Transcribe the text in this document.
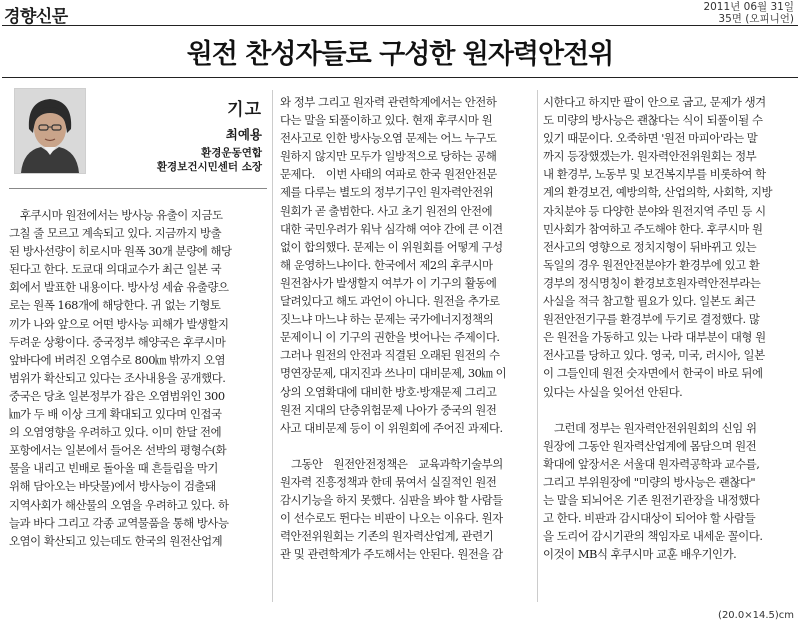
경향신문	2011년 06월 31일
35면 (오피니언)
원전 찬성자들로 구성한 원자력안전위
기고
최예용
환경운동연합
환경보건시민센터 소장
　후쿠시마 원전에서는 방사능 유출이 지금도
그칠 줄 모르고 계속되고 있다. 지금까지 방출
된 방사선량이 히로시마 원폭 30개 분량에 해당
된다고 한다. 도쿄대 의대교수가 최근 일본 국
회에서 발표한 내용이다. 방사성 세슘 유출량으
로는 원폭 168개에 해당한다. 귀 없는 기형토
끼가 나와 앞으로 어떤 방사능 피해가 발생할지
두려운 상황이다. 중국정부 해양국은 후쿠시마
앞바다에 버려진 오염수로 800㎞ 밖까지 오염
범위가 확산되고 있다는 조사내용을 공개했다.
중국은 당초 일본정부가 잡은 오염범위인 300
㎞가 두 배 이상 크게 확대되고 있다며 인접국
의 오염영향을 우려하고 있다. 이미 한달 전에
포항에서는 일본에서 들어온 선박의 평형수(화
물을 내리고 빈배로 돌아올 때 흔들림을 막기
위해 담아오는 바닷물)에서 방사능이 검출돼
지역사회가 해산물의 오염을 우려하고 있다. 하
늘과 바다 그리고 각종 교역물품을 통해 방사능
오염이 확산되고 있는데도 한국의 원전산업계
와 정부 그리고 원자력 관련학계에서는 안전하
다는 말을 되풀이하고 있다. 현재 후쿠시마 원
전사고로 인한 방사능오염 문제는 어느 누구도
원하지 않지만 모두가 일방적으로 당하는 공해
문제다.　이번 사태의 여파로 한국 원전안전문
제를 다루는 별도의 정부기구인 원자력안전위
원회가 곧 출범한다. 사고 초기 원전의 안전에
대한 국민우려가 워낙 심각해 여야 간에 큰 이견
없이 합의했다. 문제는 이 위원회를 어떻게 구성
해 운영하느냐이다. 한국에서 제2의 후쿠시마
원전참사가 발생할지 여부가 이 기구의 활동에
달려있다고 해도 과언이 아니다. 원전을 추가로
짓느냐 마느냐 하는 문제는 국가에너지정책의
문제이니 이 기구의 권한을 벗어나는 주제이다.
그러나 원전의 안전과 직결된 오래된 원전의 수
명연장문제, 대지진과 쓰나미 대비문제, 30㎞ 이
상의 오염확대에 대비한 방호·방재문제 그리고
원전 지대의 단층위험문제 나아가 중국의 원전
사고 대비문제 등이 이 위원회에 주어진 과제다.
　그동안　원전안전정책은　교육과학기술부의
원자력 진흥정책과 한데 묶여서 실질적인 원전
감시기능을 하지 못했다. 심판을 봐야 할 사람들
이 선수로도 뛴다는 비판이 나오는 이유다. 원자
력안전위원회는 기존의 원자력산업계, 관련기
관 및 관련학계가 주도해서는 안된다. 원전을 감
시한다고 하지만 팔이 안으로 굽고, 문제가 생겨
도 미량의 방사능은 괜찮다는 식이 되풀이될 수
있기 때문이다. 오죽하면 '원전 마피아'라는 말
까지 등장했겠는가. 원자력안전위원회는 정부
내 환경부, 노동부 및 보건복지부를 비롯하여 학
계의 환경보건, 예방의학, 산업의학, 사회학, 지방
자치분야 등 다양한 분야와 원전지역 주민 등 시
민사회가 참여하고 주도해야 한다. 후쿠시마 원
전사고의 영향으로 정치지형이 뒤바뀌고 있는
독일의 경우 원전안전분야가 환경부에 있고 환
경부의 정식명칭이 환경보호원자력안전부라는
사실을 적극 참고할 필요가 있다. 일본도 최근
원전안전기구를 환경부에 두기로 결정했다. 많
은 원전을 가동하고 있는 나라 대부분이 대형 원
전사고를 당하고 있다. 영국, 미국, 러시아, 일본
이 그들인데 원전 숫자면에서 한국이 바로 뒤에
있다는 사실을 잊어선 안된다.
　그런데 정부는 원자력안전위원회의 신임 위
원장에 그동안 원자력산업계에 몸담으며 원전
확대에 앞장서온 서울대 원자력공학과 교수를,
그리고 부위원장에 "미량의 방사능은 괜찮다"
는 말을 되뇌어온 기존 원전기관장을 내정했다
고 한다. 비판과 감시대상이 되어야 할 사람들
을 도리어 감시기관의 책임자로 내세운 꼴이다.
이것이 MB식 후쿠시마 교훈 배우기인가.
(20.0×14.5)cm
